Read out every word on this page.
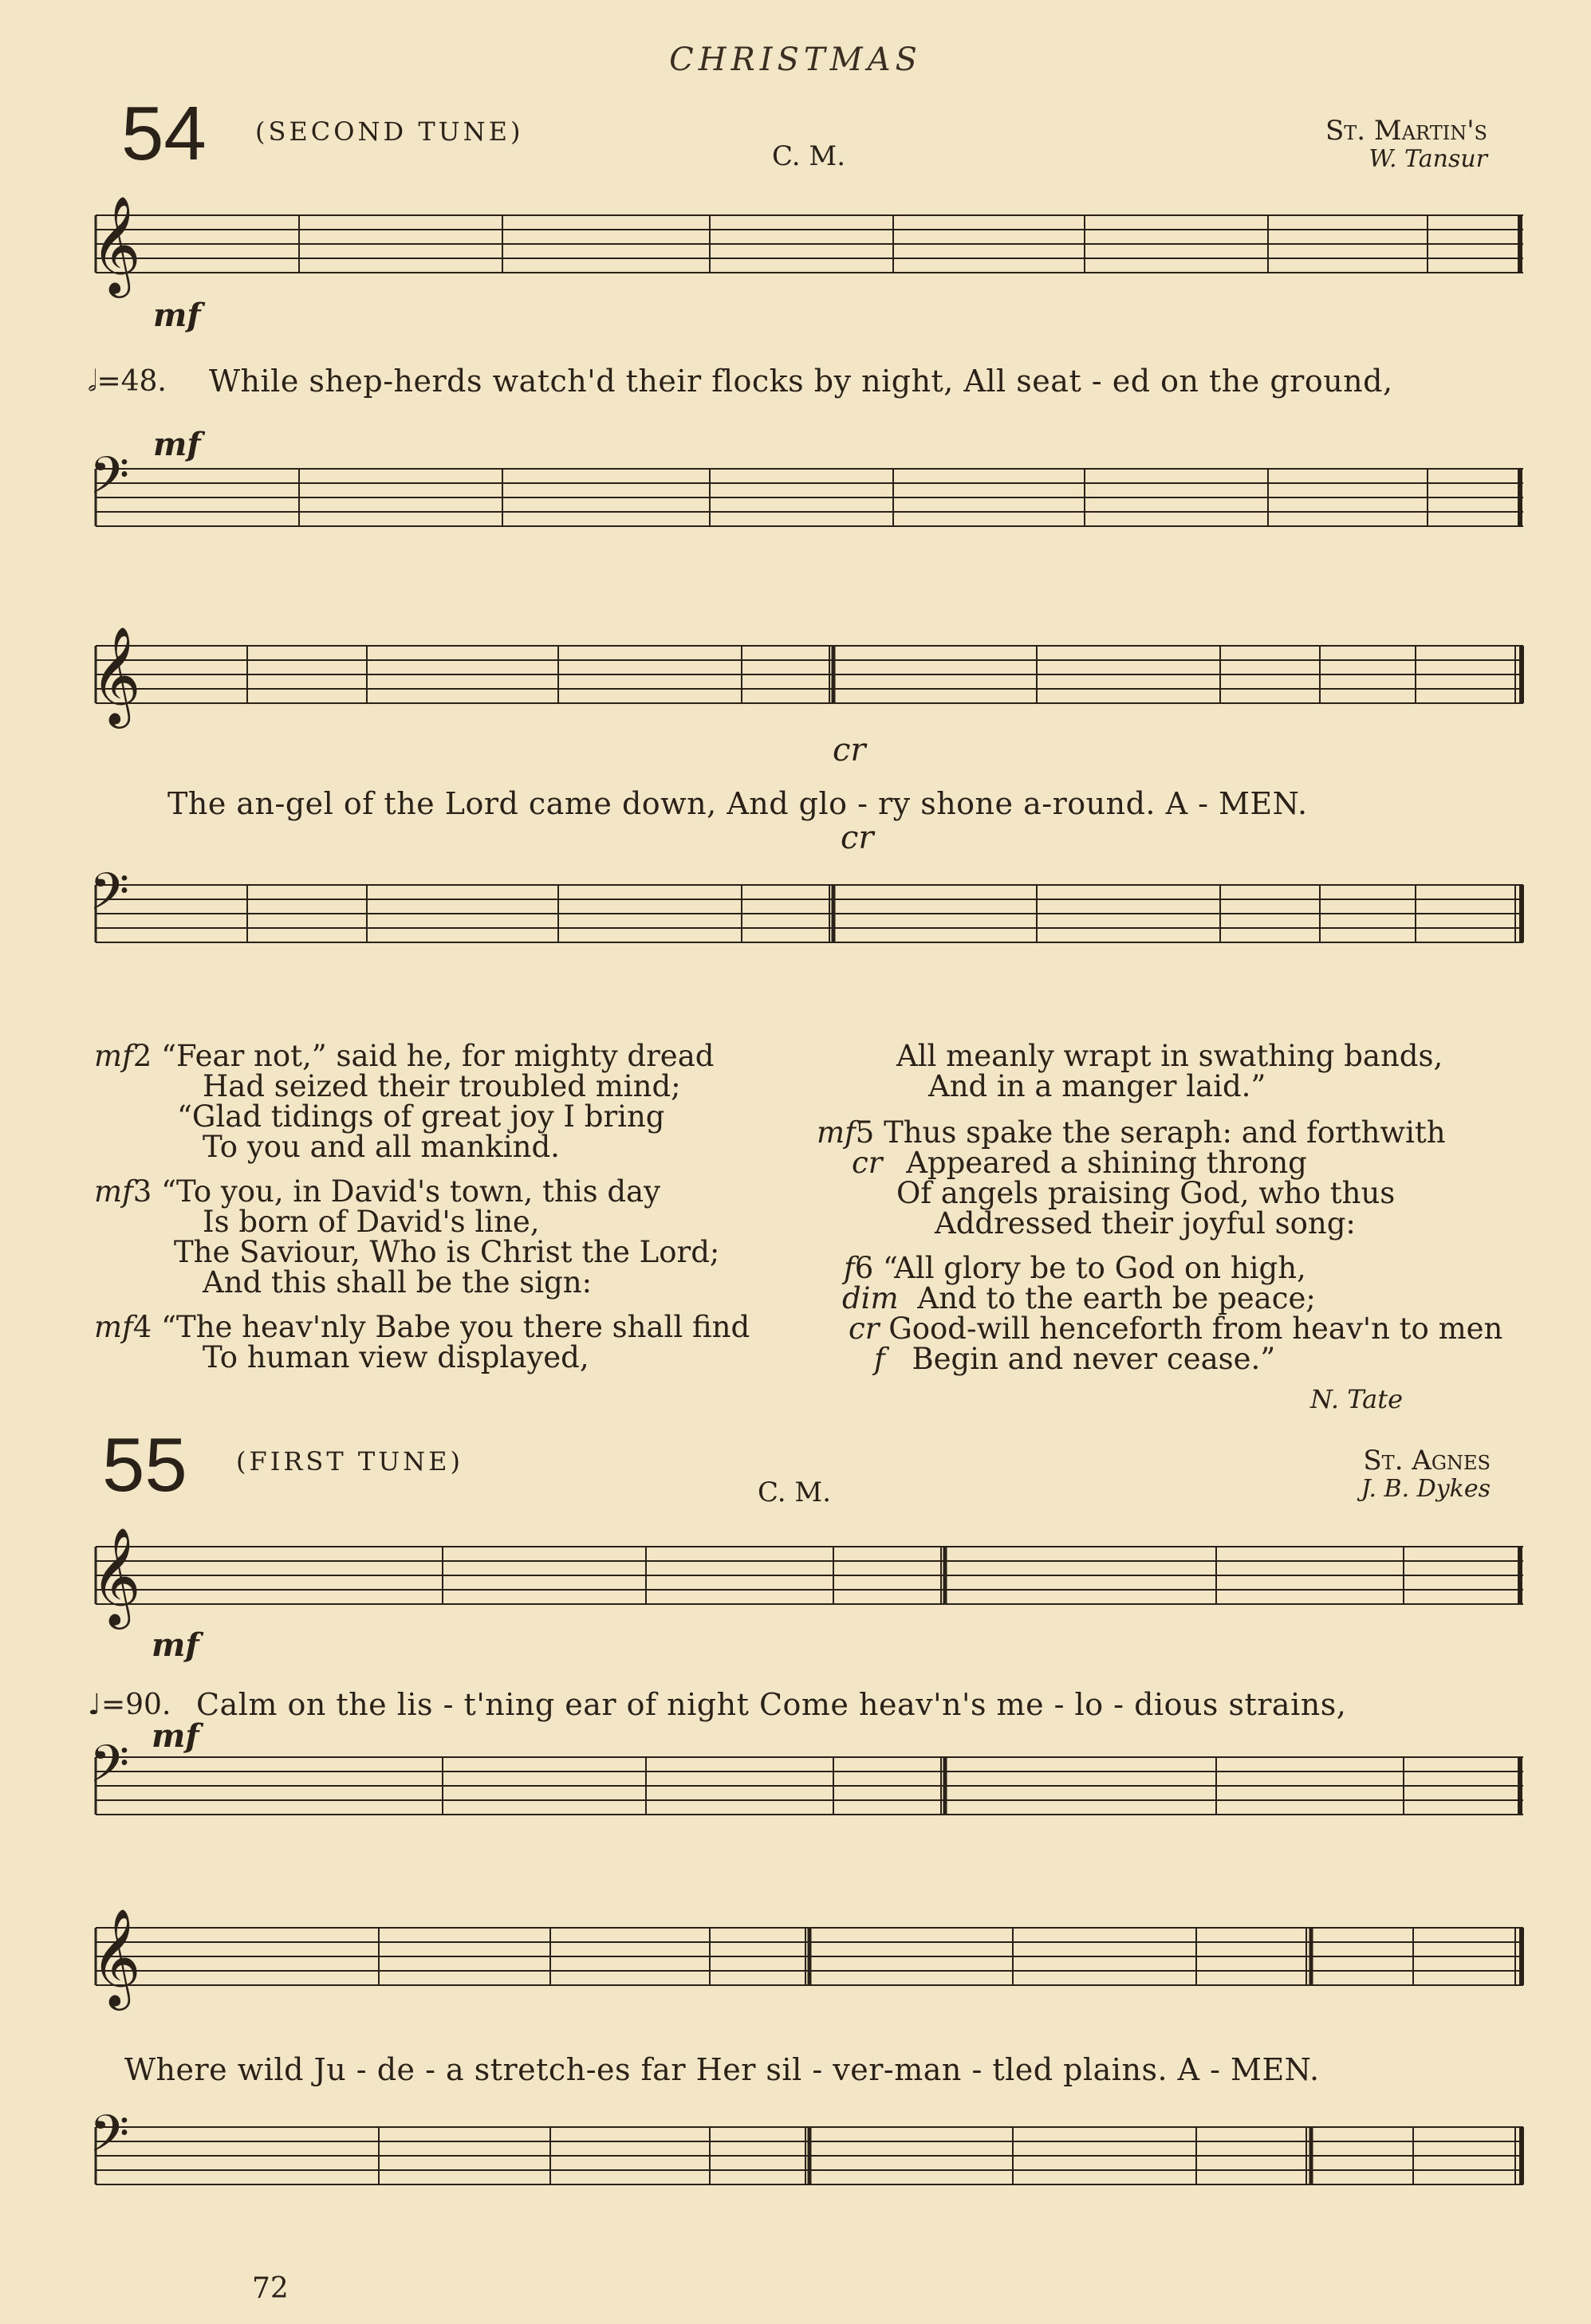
CHRISTMAS
54 (SECOND TUNE)
C. M.
St. Martin's
W. Tansur
𝄞
mf
𝅗𝅥=48. While shep-herds watch'd their flocks by night, All seat - ed on the ground,
𝄢
mf
𝄞
cr
The an-gel of the Lord came down, And glo - ry shone a-round. A - MEN.
cr
𝄢
mf2 “Fear not,” said he, for mighty dread
Had seized their troubled mind;
“Glad tidings of great joy I bring
To you and all mankind.
mf3 “To you, in David's town, this day
Is born of David's line,
The Saviour, Who is Christ the Lord;
And this shall be the sign:
mf4 “The heav'nly Babe you there shall find
To human view displayed,
All meanly wrapt in swathing bands,
And in a manger laid.”
mf5 Thus spake the seraph: and forthwith
cr Appeared a shining throng
Of angels praising God, who thus
Addressed their joyful song:
f6 “All glory be to God on high,
dim And to the earth be peace;
cr Good-will henceforth from heav'n to men
f Begin and never cease.”
N. Tate
55 (FIRST TUNE)
C. M.
St. Agnes
J. B. Dykes
𝄞
mf
♩=90. Calm on the lis - t'ning ear of night Come heav'n's me - lo - dious strains,
mf
𝄢
𝄞
Where wild Ju - de - a stretch-es far Her sil - ver-man - tled plains. A - MEN.
𝄢
72
